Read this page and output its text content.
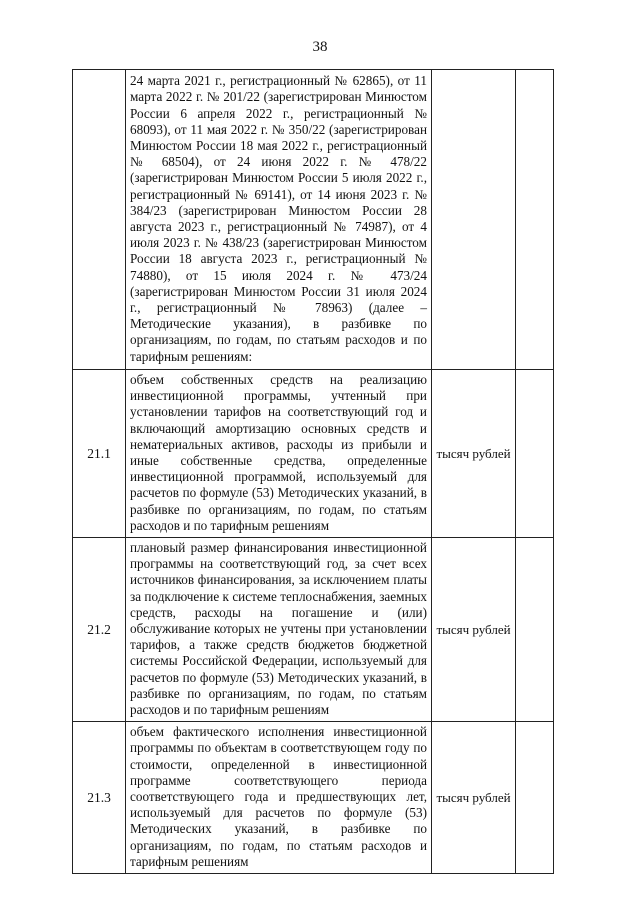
38

	24 марта 2021 г., регистрационный № 62865), от 11 марта 2022 г. № 201/22 (зарегистрирован Минюстом России 6 апреля 2022 г., регистрационный № 68093), от 11 мая 2022 г. № 350/22 (зарегистрирован Минюстом России 18 мая 2022 г., регистрационный № 68504), от 24 июня 2022 г. № 478/22 (зарегистрирован Минюстом России 5 июля 2022 г., регистрационный № 69141), от 14 июня 2023 г. № 384/23 (зарегистрирован Минюстом России 28 августа 2023 г., регистрационный № 74987), от 4 июля 2023 г. № 438/23 (зарегистрирован Минюстом России 18 августа 2023 г., регистрационный № 74880), от 15 июля 2024 г. № 473/24 (зарегистрирован Минюстом России 31 июля 2024 г., регистрационный № 78963) (далее – Методические указания), в разбивке по организациям, по годам, по статьям расходов и по тарифным решениям:		

21.1	объем собственных средств на реализацию инвестиционной программы, учтенный при установлении тарифов на соответствующий год и включающий амортизацию основных средств и нематериальных активов, расходы из прибыли и иные собственные средства, определенные инвестиционной программой, используемый для расчетов по формуле (53) Методических указаний, в разбивке по организациям, по годам, по статьям расходов и по тарифным решениям	тысяч рублей	
21.2	плановый размер финансирования инвестиционной программы на соответствующий год, за счет всех источников финансирования, за исключением платы за подключение к системе теплоснабжения, заемных средств, расходы на погашение и (или) обслуживание которых не учтены при установлении тарифов, а также средств бюджетов бюджетной системы Российской Федерации, используемый для расчетов по формуле (53) Методических указаний, в разбивке по организациям, по годам, по статьям расходов и по тарифным решениям	тысяч рублей	
21.3	объем фактического исполнения инвестиционной программы по объектам в соответствующем году по стоимости, определенной в инвестиционной программе соответствующего периода соответствующего года и предшествующих лет, используемый для расчетов по формуле (53) Методических указаний, в разбивке по организациям, по годам, по статьям расходов и тарифным решениям	тысяч рублей	
